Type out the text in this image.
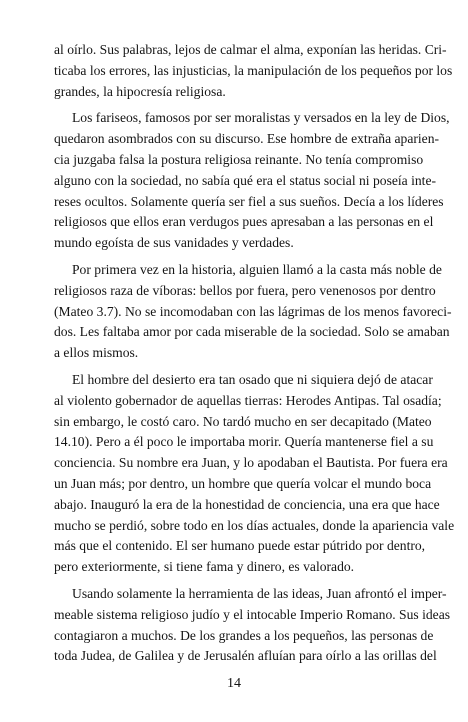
al oírlo. Sus palabras, lejos de calmar el alma, exponían las heridas. Cri-
ticaba los errores, las injusticias, la manipulación de los pequeños por los
grandes, la hipocresía religiosa.
Los fariseos, famosos por ser moralistas y versados en la ley de Dios,
quedaron asombrados con su discurso. Ese hombre de extraña aparien-
cia juzgaba falsa la postura religiosa reinante. No tenía compromiso
alguno con la sociedad, no sabía qué era el status social ni poseía inte-
reses ocultos. Solamente quería ser fiel a sus sueños. Decía a los líderes
religiosos que ellos eran verdugos pues apresaban a las personas en el
mundo egoísta de sus vanidades y verdades.
Por primera vez en la historia, alguien llamó a la casta más noble de
religiosos raza de víboras: bellos por fuera, pero venenosos por dentro
(Mateo 3.7). No se incomodaban con las lágrimas de los menos favoreci-
dos. Les faltaba amor por cada miserable de la sociedad. Solo se amaban
a ellos mismos.
El hombre del desierto era tan osado que ni siquiera dejó de atacar
al violento gobernador de aquellas tierras: Herodes Antipas. Tal osadía;
sin embargo, le costó caro. No tardó mucho en ser decapitado (Mateo
14.10). Pero a él poco le importaba morir. Quería mantenerse fiel a su
conciencia. Su nombre era Juan, y lo apodaban el Bautista. Por fuera era
un Juan más; por dentro, un hombre que quería volcar el mundo boca
abajo. Inauguró la era de la honestidad de conciencia, una era que hace
mucho se perdió, sobre todo en los días actuales, donde la apariencia vale
más que el contenido. El ser humano puede estar pútrido por dentro,
pero exteriormente, si tiene fama y dinero, es valorado.
Usando solamente la herramienta de las ideas, Juan afrontó el imper-
meable sistema religioso judío y el intocable Imperio Romano. Sus ideas
contagiaron a muchos. De los grandes a los pequeños, las personas de
toda Judea, de Galilea y de Jerusalén afluían para oírlo a las orillas del
14
